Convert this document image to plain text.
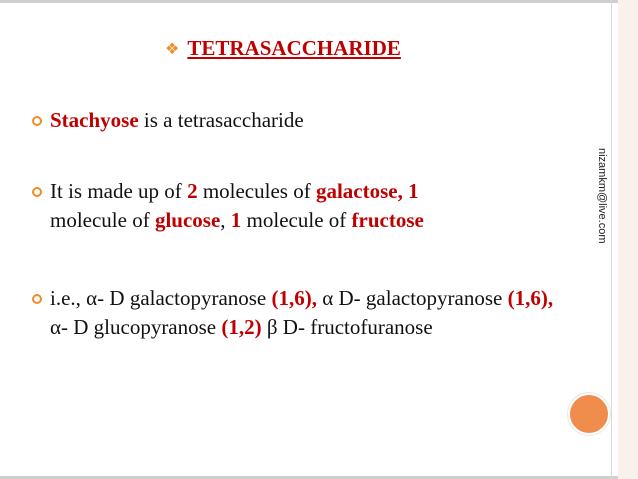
nizamkm@live.com
❖ TETRASACCHARIDE
Stachyose is a tetrasaccharide
It is made up of 2 molecules of galactose, 1
molecule of glucose, 1 molecule of fructose
i.e., α- D galactopyranose (1,6), α D- galactopyranose (1,6), α- D glucopyranose (1,2) β D- fructofuranose
